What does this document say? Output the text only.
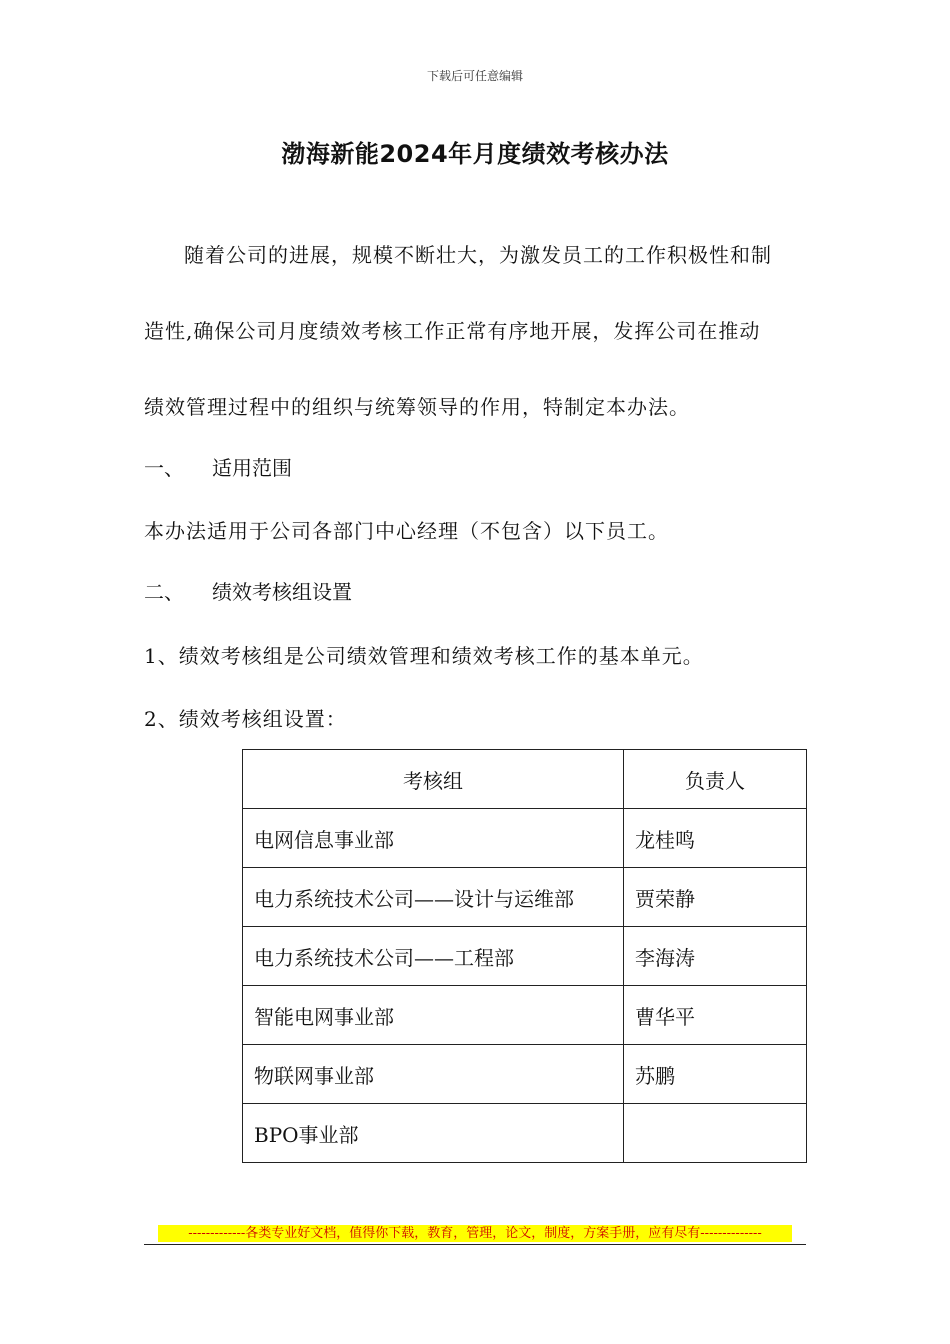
下载后可任意编辑
渤海新能2024年月度绩效考核办法
随着公司的进展，规模不断壮大，为激发员工的工作积极性和制
造性,确保公司月度绩效考核工作正常有序地开展，发挥公司在推动
绩效管理过程中的组织与统筹领导的作用，特制定本办法。
一、 适用范围
本办法适用于公司各部门中心经理（不包含）以下员工。
二、 绩效考核组设置
1、绩效考核组是公司绩效管理和绩效考核工作的基本单元。
2、绩效考核组设置：
考核组	负责人
电网信息事业部	龙桂鸣
电力系统技术公司——设计与运维部	贾荣静
电力系统技术公司——工程部	李海涛
智能电网事业部	曹华平
物联网事业部	苏鹏
BPO事业部	
-------------各类专业好文档，值得你下载，教育，管理，论文，制度，方案手册，应有尽有--------------
